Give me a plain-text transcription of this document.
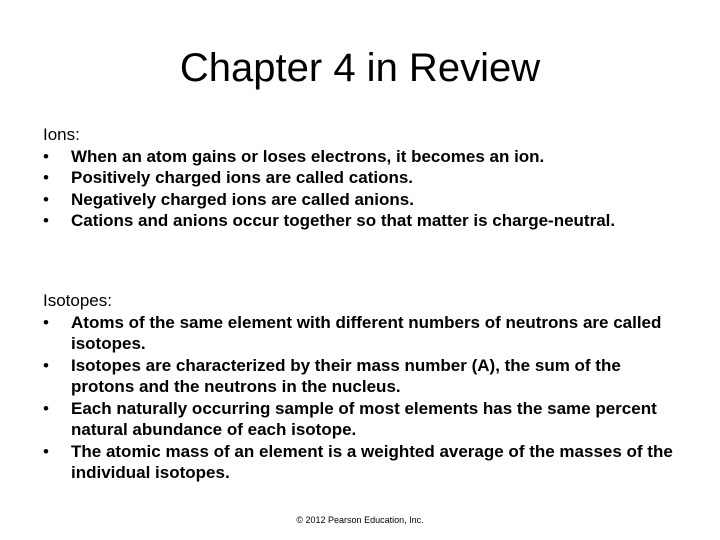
Chapter 4 in Review
Ions:
• When an atom gains or loses electrons, it becomes an ion.
• Positively charged ions are called cations.
• Negatively charged ions are called anions.
• Cations and anions occur together so that matter is charge-neutral.
Isotopes:
• Atoms of the same element with different numbers of neutrons are called isotopes.
• Isotopes are characterized by their mass number (A), the sum of the protons and the neutrons in the nucleus.
• Each naturally occurring sample of most elements has the same percent natural abundance of each isotope.
• The atomic mass of an element is a weighted average of the masses of the individual isotopes.
© 2012 Pearson Education, Inc.
